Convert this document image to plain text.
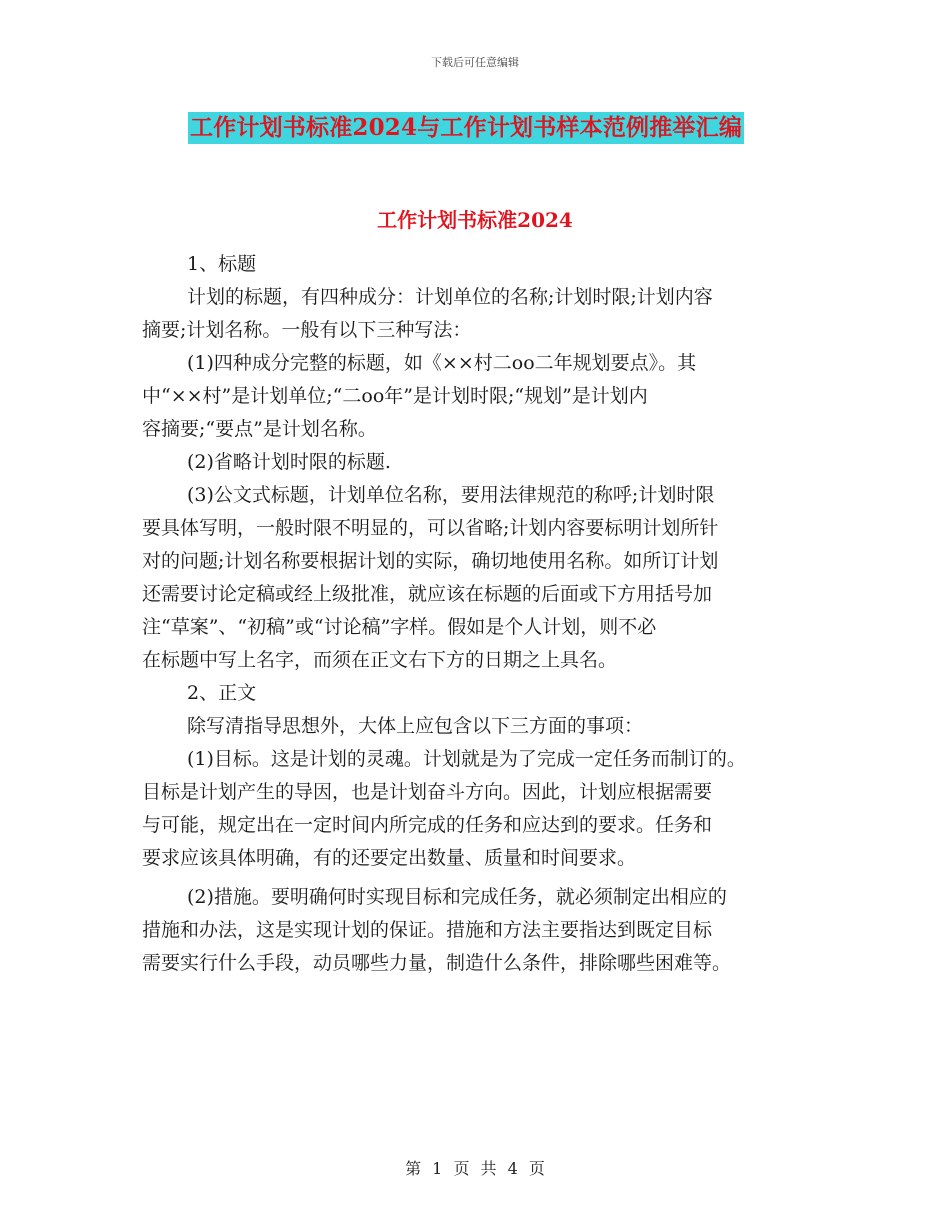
下载后可任意编辑
工作计划书标准2024与工作计划书样本范例推举汇编
工作计划书标准2024
1、标题
计划的标题，有四种成分：计划单位的名称;计划时限;计划内容
摘要;计划名称。一般有以下三种写法：
(1)四种成分完整的标题，如《××村二oo二年规划要点》。其
中“××村”是计划单位;“二oo年”是计划时限;“规划”是计划内
容摘要;“要点”是计划名称。
(2)省略计划时限的标题.
(3)公文式标题，计划单位名称，要用法律规范的称呼;计划时限
要具体写明，一般时限不明显的，可以省略;计划内容要标明计划所针
对的问题;计划名称要根据计划的实际，确切地使用名称。如所订计划
还需要讨论定稿或经上级批准，就应该在标题的后面或下方用括号加
注“草案”、“初稿”或“讨论稿”字样。假如是个人计划，则不必
在标题中写上名字，而须在正文右下方的日期之上具名。
2、正文
除写清指导思想外，大体上应包含以下三方面的事项：
(1)目标。这是计划的灵魂。计划就是为了完成一定任务而制订的。
目标是计划产生的导因，也是计划奋斗方向。因此，计划应根据需要
与可能，规定出在一定时间内所完成的任务和应达到的要求。任务和
要求应该具体明确，有的还要定出数量、质量和时间要求。
(2)措施。要明确何时实现目标和完成任务，就必须制定出相应的
措施和办法，这是实现计划的保证。措施和方法主要指达到既定目标
需要实行什么手段，动员哪些力量，制造什么条件，排除哪些困难等。
第 1 页 共 4 页
